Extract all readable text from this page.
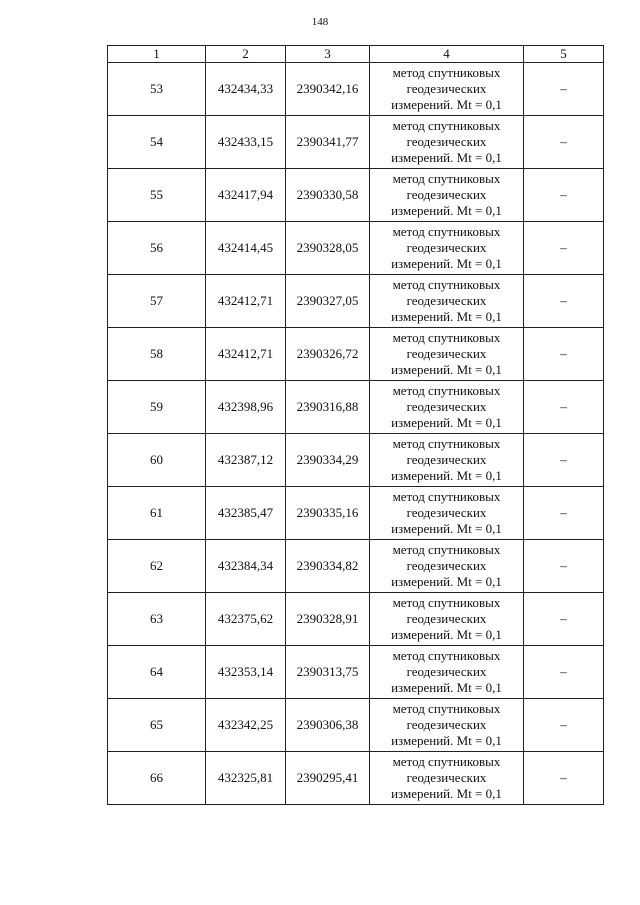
148
1	2	3	4	5
53	432434,33	2390342,16	метод спутниковых
геодезических
измерений. Mt = 0,1	–
54	432433,15	2390341,77	метод спутниковых
геодезических
измерений. Mt = 0,1	–
55	432417,94	2390330,58	метод спутниковых
геодезических
измерений. Mt = 0,1	–
56	432414,45	2390328,05	метод спутниковых
геодезических
измерений. Mt = 0,1	–
57	432412,71	2390327,05	метод спутниковых
геодезических
измерений. Mt = 0,1	–
58	432412,71	2390326,72	метод спутниковых
геодезических
измерений. Mt = 0,1	–
59	432398,96	2390316,88	метод спутниковых
геодезических
измерений. Mt = 0,1	–
60	432387,12	2390334,29	метод спутниковых
геодезических
измерений. Mt = 0,1	–
61	432385,47	2390335,16	метод спутниковых
геодезических
измерений. Mt = 0,1	–
62	432384,34	2390334,82	метод спутниковых
геодезических
измерений. Mt = 0,1	–
63	432375,62	2390328,91	метод спутниковых
геодезических
измерений. Mt = 0,1	–
64	432353,14	2390313,75	метод спутниковых
геодезических
измерений. Mt = 0,1	–
65	432342,25	2390306,38	метод спутниковых
геодезических
измерений. Mt = 0,1	–
66	432325,81	2390295,41	метод спутниковых
геодезических
измерений. Mt = 0,1	–
